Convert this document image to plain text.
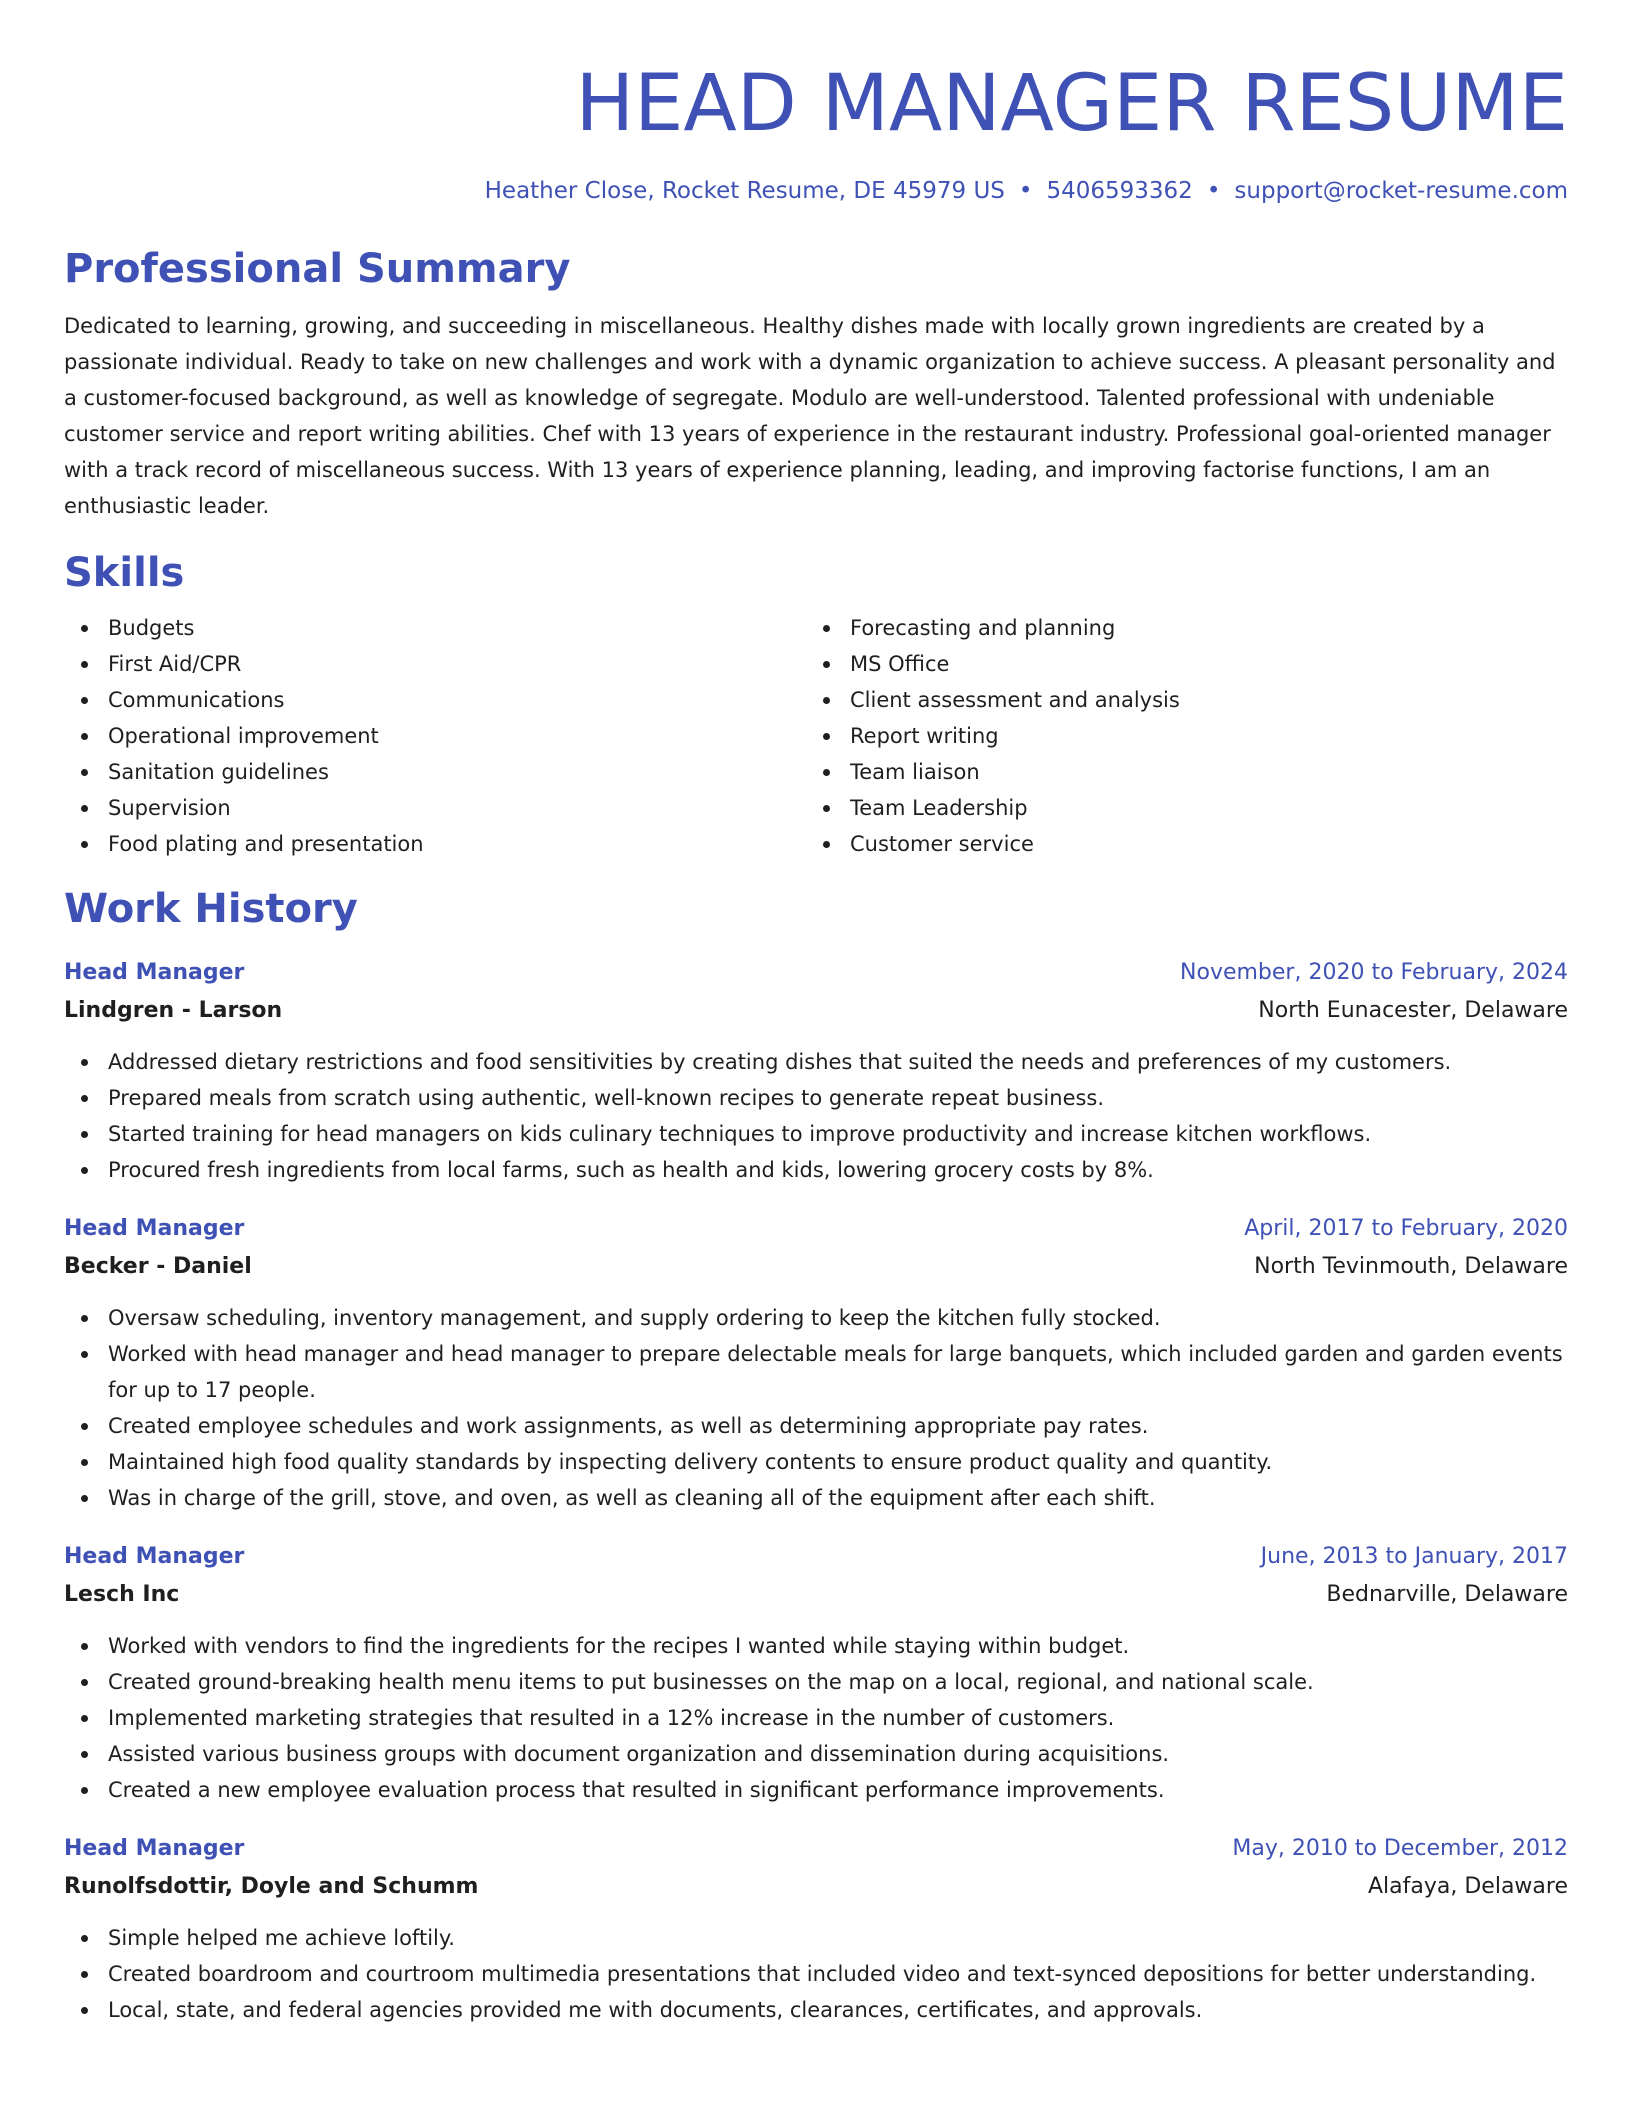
HEAD MANAGER RESUME
Heather Close, Rocket Resume, DE 45979 US • 5406593362 • support@rocket-resume.com
Professional Summary
Dedicated to learning, growing, and succeeding in miscellaneous. Healthy dishes made with locally grown ingredients are created by a passionate individual. Ready to take on new challenges and work with a dynamic organization to achieve success. A pleasant personality and a customer-focused background, as well as knowledge of segregate. Modulo are well-understood. Talented professional with undeniable customer service and report writing abilities. Chef with 13 years of experience in the restaurant industry. Professional goal-oriented manager with a track record of miscellaneous success. With 13 years of experience planning, leading, and improving factorise functions, I am an enthusiastic leader.
Skills
Budgets
First Aid/CPR
Communications
Operational improvement
Sanitation guidelines
Supervision
Food plating and presentation
Forecasting and planning
MS Office
Client assessment and analysis
Report writing
Team liaison
Team Leadership
Customer service
Work History
Head Manager	November, 2020 to February, 2024
Lindgren - Larson	North Eunacester, Delaware
Addressed dietary restrictions and food sensitivities by creating dishes that suited the needs and preferences of my customers.
Prepared meals from scratch using authentic, well-known recipes to generate repeat business.
Started training for head managers on kids culinary techniques to improve productivity and increase kitchen workflows.
Procured fresh ingredients from local farms, such as health and kids, lowering grocery costs by 8%.
Head Manager	April, 2017 to February, 2020
Becker - Daniel	North Tevinmouth, Delaware
Oversaw scheduling, inventory management, and supply ordering to keep the kitchen fully stocked.
Worked with head manager and head manager to prepare delectable meals for large banquets, which included garden and garden events for up to 17 people.
Created employee schedules and work assignments, as well as determining appropriate pay rates.
Maintained high food quality standards by inspecting delivery contents to ensure product quality and quantity.
Was in charge of the grill, stove, and oven, as well as cleaning all of the equipment after each shift.
Head Manager	June, 2013 to January, 2017
Lesch Inc	Bednarville, Delaware
Worked with vendors to find the ingredients for the recipes I wanted while staying within budget.
Created ground-breaking health menu items to put businesses on the map on a local, regional, and national scale.
Implemented marketing strategies that resulted in a 12% increase in the number of customers.
Assisted various business groups with document organization and dissemination during acquisitions.
Created a new employee evaluation process that resulted in significant performance improvements.
Head Manager	May, 2010 to December, 2012
Runolfsdottir, Doyle and Schumm	Alafaya, Delaware
Simple helped me achieve loftily.
Created boardroom and courtroom multimedia presentations that included video and text-synced depositions for better understanding.
Local, state, and federal agencies provided me with documents, clearances, certificates, and approvals.
